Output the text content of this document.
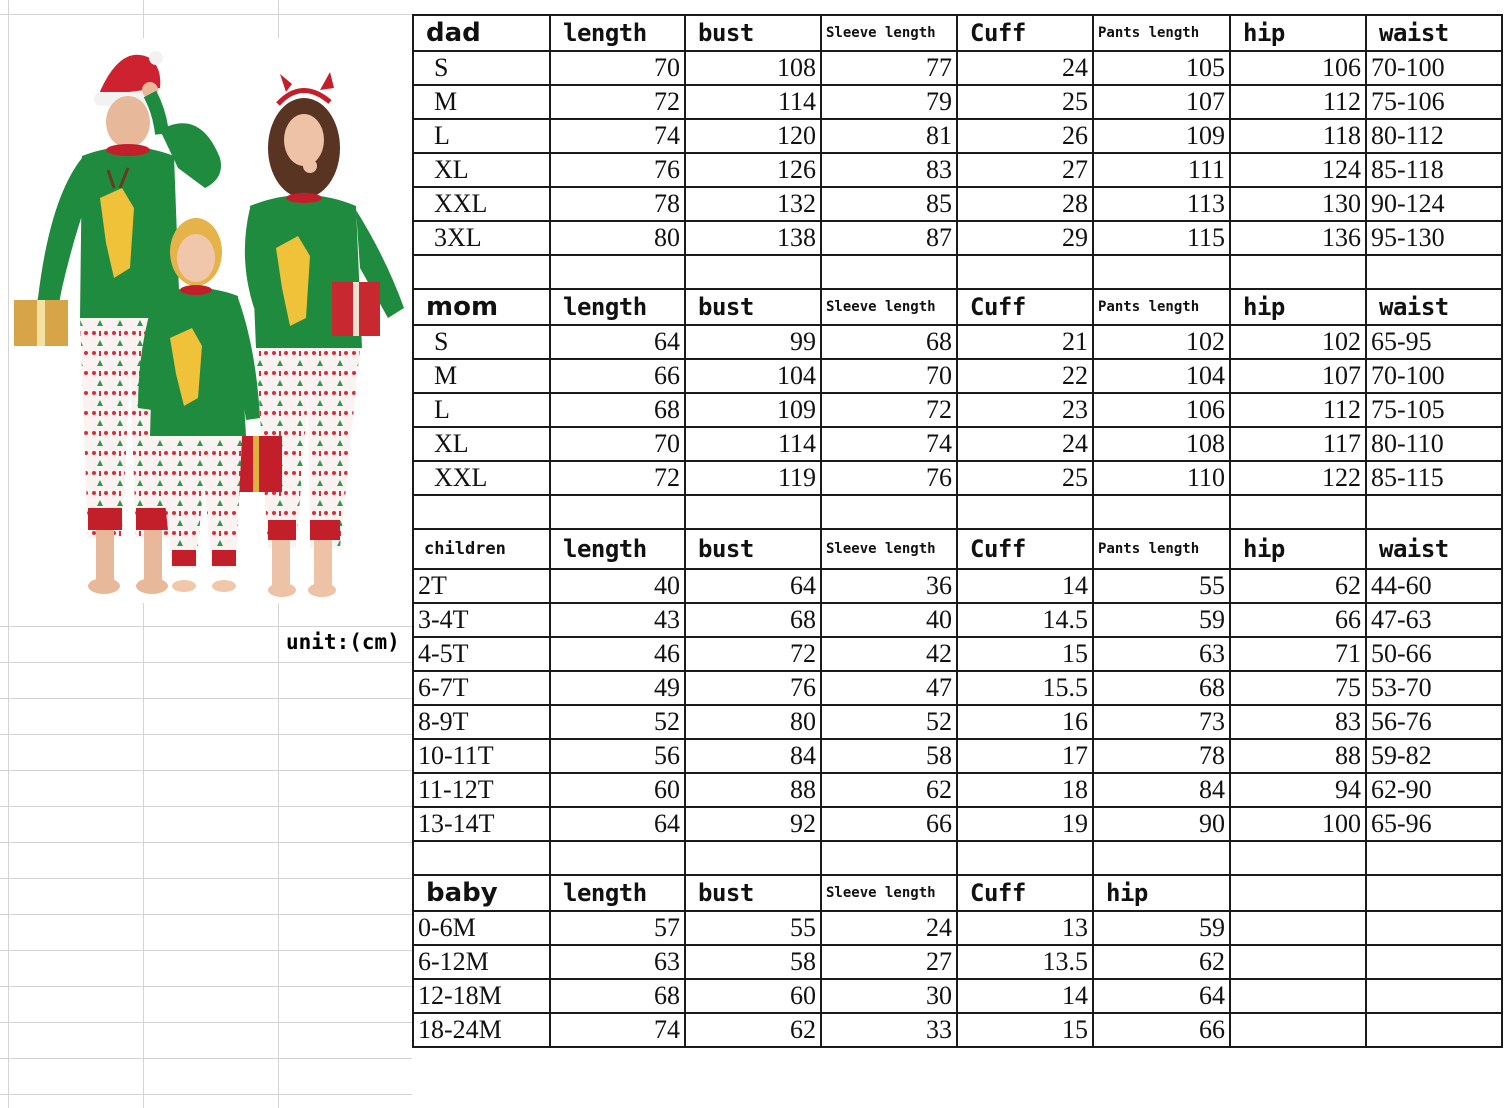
unit:(cm)
dad	length	bust	Sleeve length	Cuff	Pants length	hip	waist
S	70	108	77	24	105	106	70-100
M	72	114	79	25	107	112	75-106
L	74	120	81	26	109	118	80-112
XL	76	126	83	27	111	124	85-118
XXL	78	132	85	28	113	130	90-124
3XL	80	138	87	29	115	136	95-130

mom	length	bust	Sleeve length	Cuff	Pants length	hip	waist
S	64	99	68	21	102	102	65-95
M	66	104	70	22	104	107	70-100
L	68	109	72	23	106	112	75-105
XL	70	114	74	24	108	117	80-110
XXL	72	119	76	25	110	122	85-115

children	length	bust	Sleeve length	Cuff	Pants length	hip	waist
2T	40	64	36	14	55	62	44-60
3-4T	43	68	40	14.5	59	66	47-63
4-5T	46	72	42	15	63	71	50-66
6-7T	49	76	47	15.5	68	75	53-70
8-9T	52	80	52	16	73	83	56-76
10-11T	56	84	58	17	78	88	59-82
11-12T	60	88	62	18	84	94	62-90
13-14T	64	92	66	19	90	100	65-96

baby	length	bust	Sleeve length	Cuff	hip		
0-6M	57	55	24	13	59		
6-12M	63	58	27	13.5	62		
12-18M	68	60	30	14	64		
18-24M	74	62	33	15	66		
